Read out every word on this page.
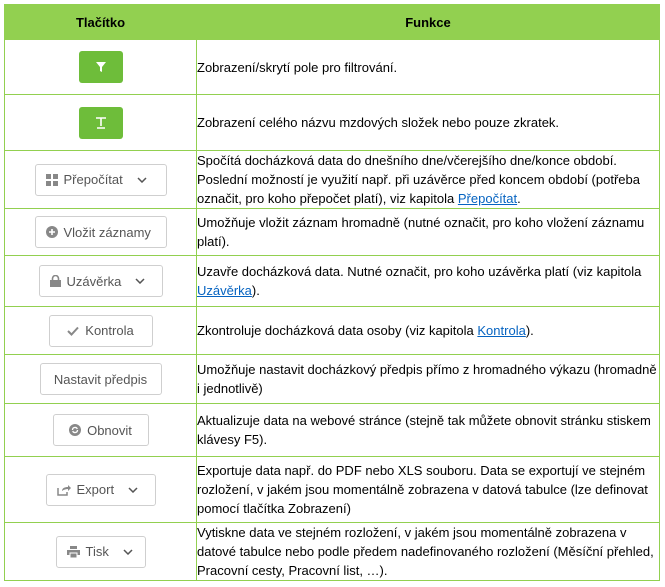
Tlačítko	Funkce

	Zobrazení/skrytí pole pro filtrování.

	Zobrazení celého názvu mzdových složek nebo pouze zkratek.

Přepočítat	Spočítá docházková data do dnešního dne/včerejšího dne/konce období. Poslední možností je využití např. při uzávěrce před koncem období (potřeba označit, pro koho přepočet platí), viz kapitola Přepočítat.

Vložit záznamy	Umožňuje vložit záznam hromadně (nutné označit, pro koho vložení záznamu platí).

Uzávěrka	Uzavře docházková data. Nutné označit, pro koho uzávěrka platí (viz kapitola Uzávěrka).

Kontrola	Zkontroluje docházková data osoby (viz kapitola Kontrola).

Nastavit předpis	Umožňuje nastavit docházkový předpis přímo z hromadného výkazu (hromadně i jednotlivě)

Obnovit	Aktualizuje data na webové stránce (stejně tak můžete obnovit stránku stiskem klávesy F5).

Export	Exportuje data např. do PDF nebo XLS souboru. Data se exportují ve stejném rozložení, v jakém jsou momentálně zobrazena v datová tabulce (lze definovat pomocí tlačítka Zobrazení)

Tisk	Vytiskne data ve stejném rozložení, v jakém jsou momentálně zobrazena v datové tabulce nebo podle předem nadefinovaného rozložení (Měsíční přehled, Pracovní cesty, Pracovní list, …).
